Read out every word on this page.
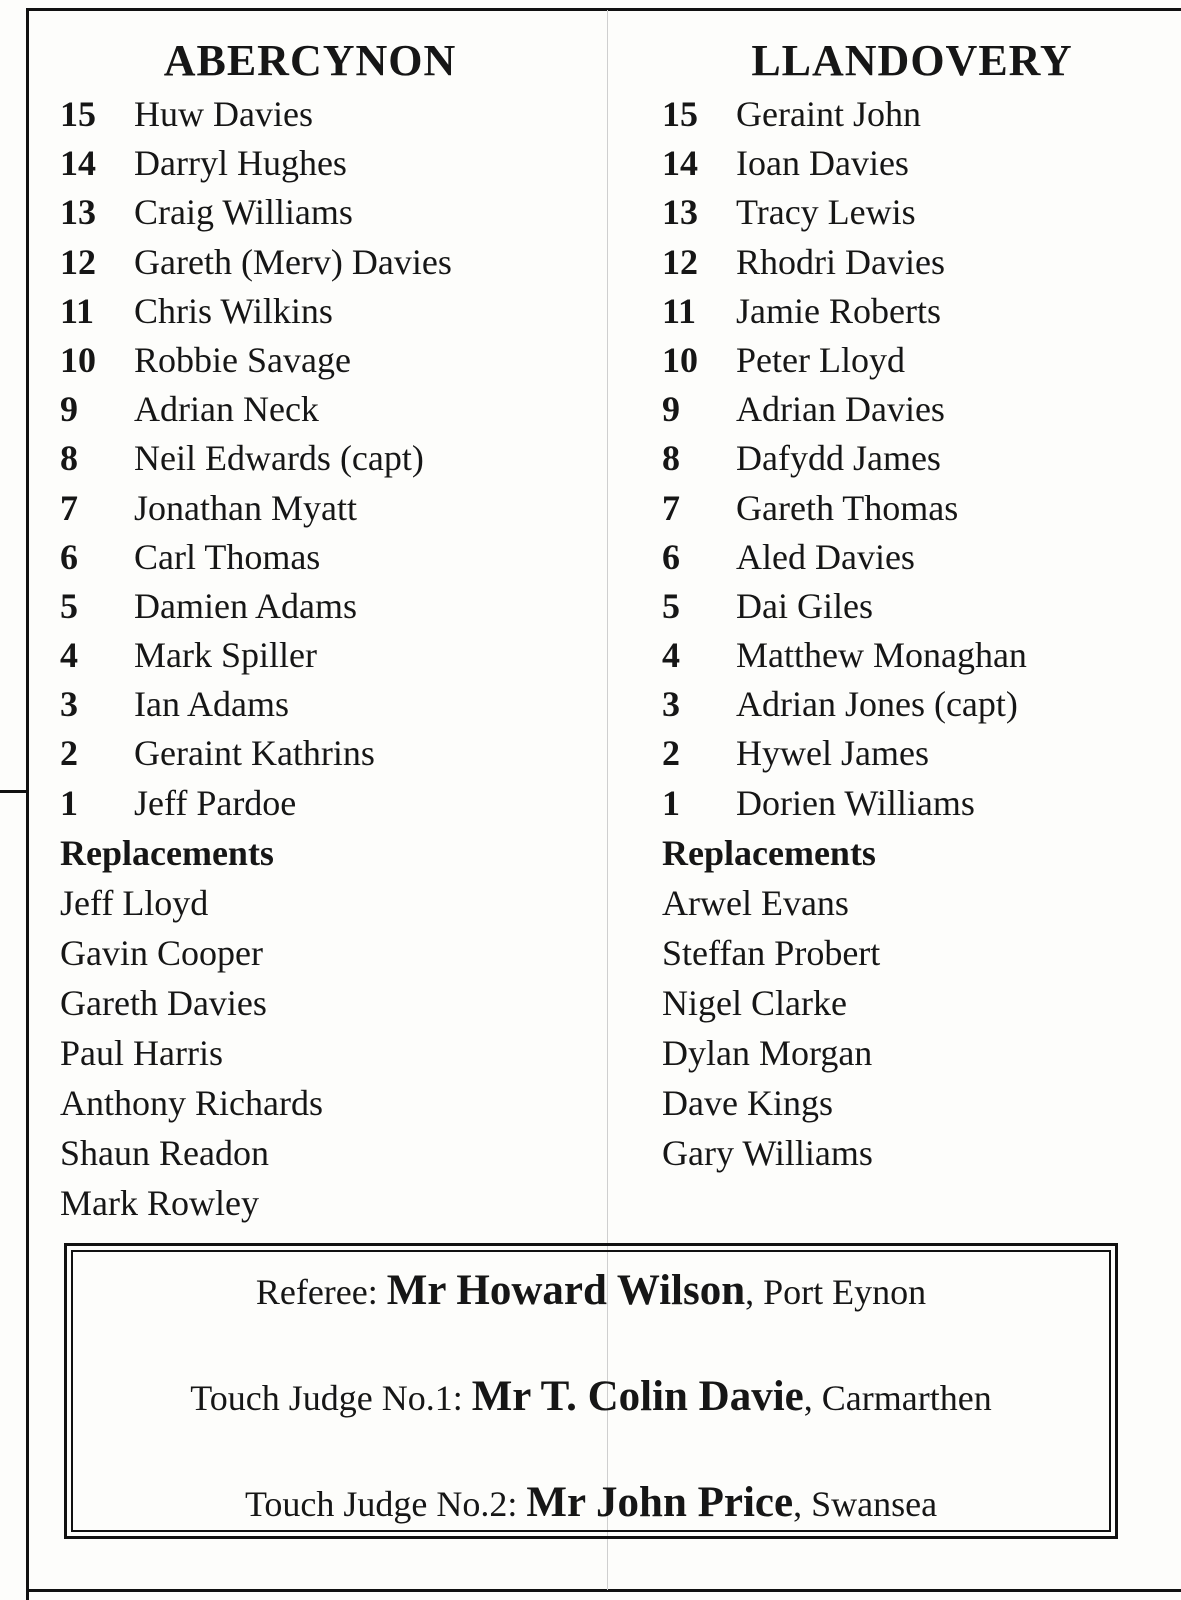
ABERCYNON
15	Huw Davies
14	Darryl Hughes
13	Craig Williams
12	Gareth (Merv) Davies
11	Chris Wilkins
10	Robbie Savage
9	Adrian Neck
8	Neil Edwards (capt)
7	Jonathan Myatt
6	Carl Thomas
5	Damien Adams
4	Mark Spiller
3	Ian Adams
2	Geraint Kathrins
1	Jeff Pardoe
Replacements
Jeff Lloyd
Gavin Cooper
Gareth Davies
Paul Harris
Anthony Richards
Shaun Readon
Mark Rowley
LLANDOVERY
15	Geraint John
14	Ioan Davies
13	Tracy Lewis
12	Rhodri Davies
11	Jamie Roberts
10	Peter Lloyd
9	Adrian Davies
8	Dafydd James
7	Gareth Thomas
6	Aled Davies
5	Dai Giles
4	Matthew Monaghan
3	Adrian Jones (capt)
2	Hywel James
1	Dorien Williams
Replacements
Arwel Evans
Steffan Probert
Nigel Clarke
Dylan Morgan
Dave Kings
Gary Williams
Referee: Mr Howard Wilson, Port Eynon
Touch Judge No.1: Mr T. Colin Davie, Carmarthen
Touch Judge No.2: Mr John Price, Swansea
